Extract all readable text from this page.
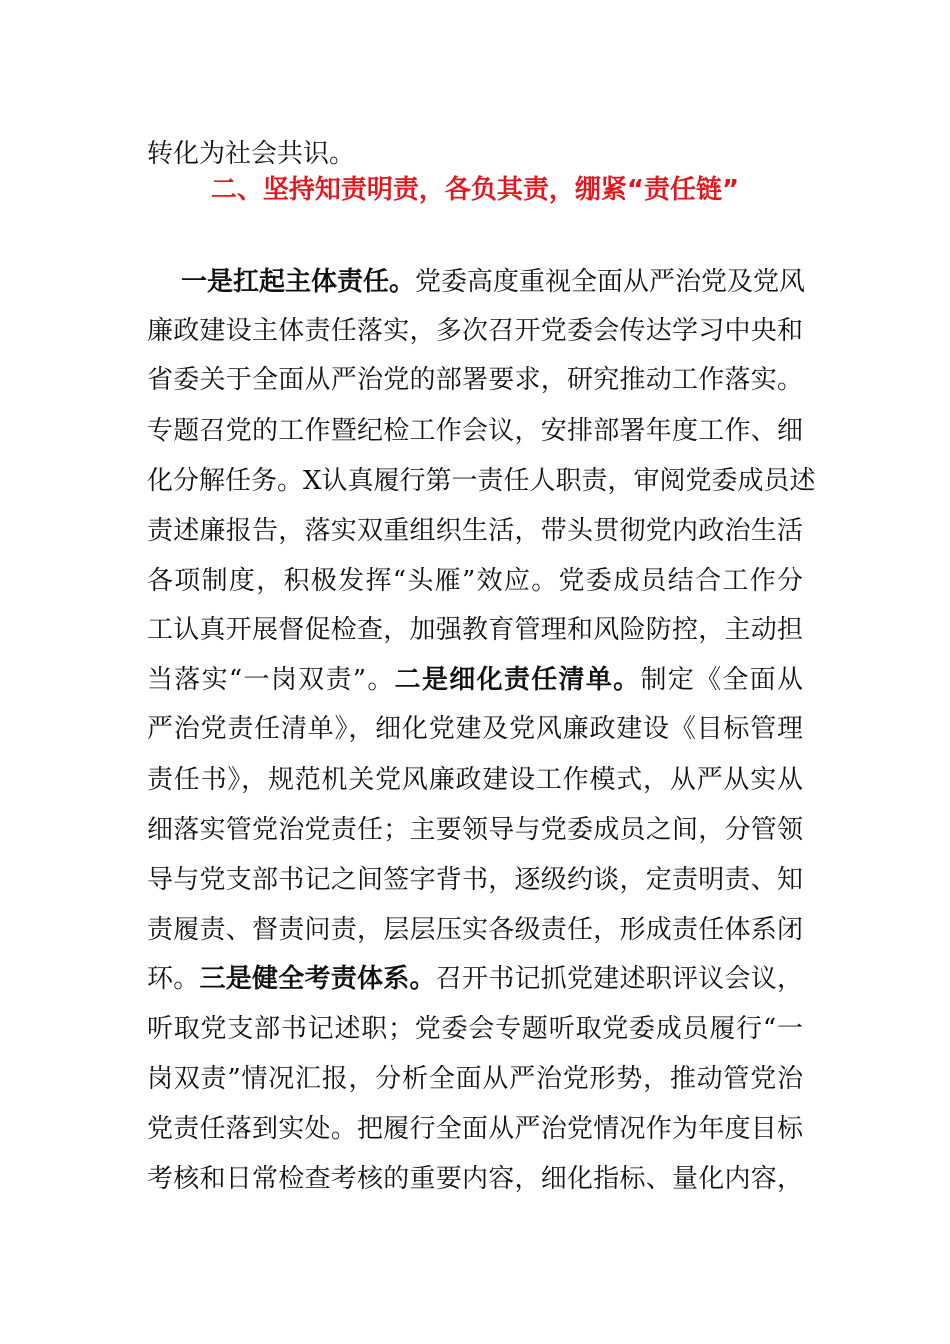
转化为社会共识。
二、坚持知责明责，各负其责，绷紧“责任链”
一是扛起主体责任。党委高度重视全面从严治党及党风
廉政建设主体责任落实，多次召开党委会传达学习中央和
省委关于全面从严治党的部署要求，研究推动工作落实。
专题召党的工作暨纪检工作会议，安排部署年度工作、细
化分解任务。X认真履行第一责任人职责，审阅党委成员述
责述廉报告，落实双重组织生活，带头贯彻党内政治生活
各项制度，积极发挥“头雁”效应。党委成员结合工作分
工认真开展督促检查，加强教育管理和风险防控，主动担
当落实“一岗双责”。二是细化责任清单。制定《全面从
严治党责任清单》，细化党建及党风廉政建设《目标管理
责任书》，规范机关党风廉政建设工作模式，从严从实从
细落实管党治党责任；主要领导与党委成员之间，分管领
导与党支部书记之间签字背书，逐级约谈，定责明责、知
责履责、督责问责，层层压实各级责任，形成责任体系闭
环。三是健全考责体系。召开书记抓党建述职评议会议，
听取党支部书记述职；党委会专题听取党委成员履行“一
岗双责”情况汇报，分析全面从严治党形势，推动管党治
党责任落到实处。把履行全面从严治党情况作为年度目标
考核和日常检查考核的重要内容，细化指标、量化内容，
